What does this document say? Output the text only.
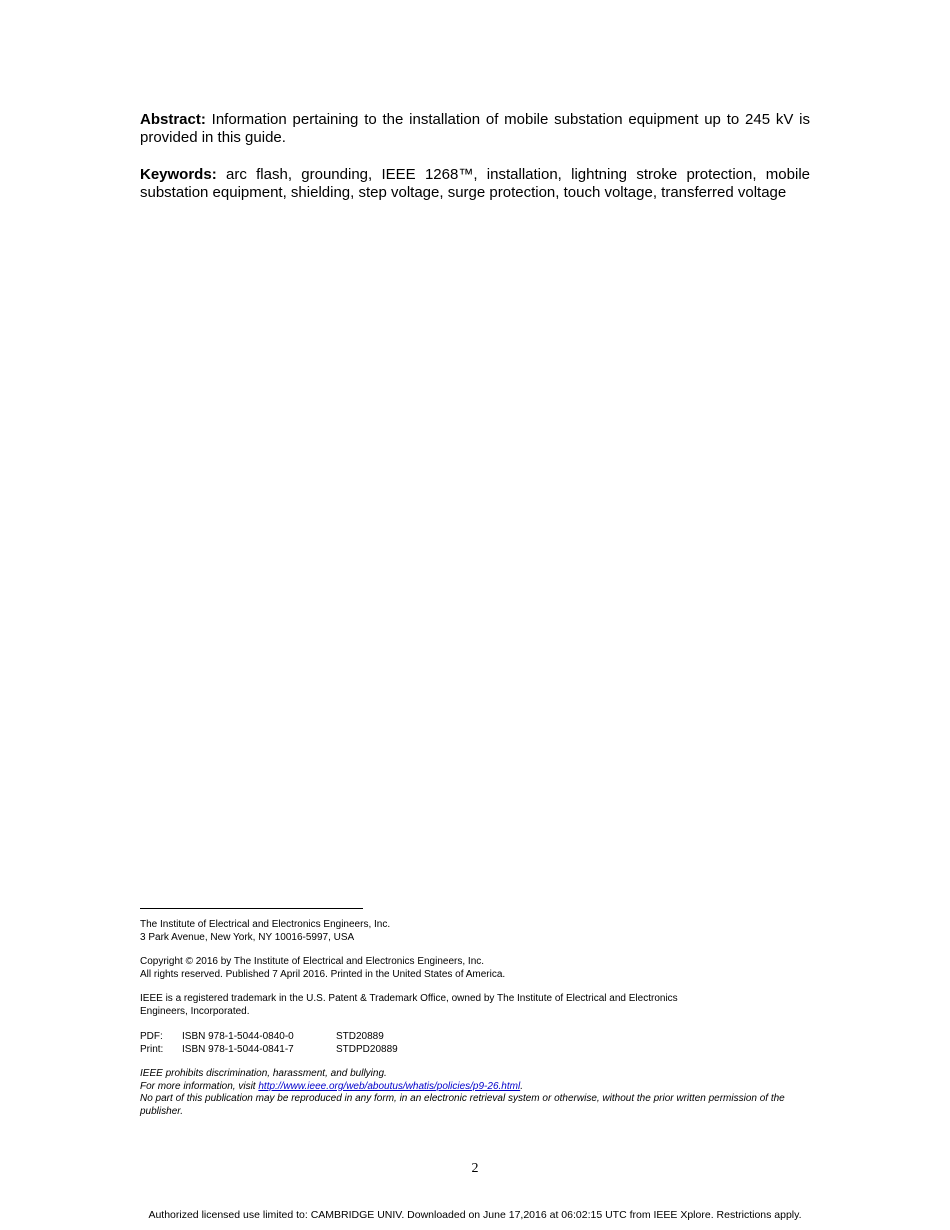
Abstract: Information pertaining to the installation of mobile substation equipment up to 245 kV is provided in this guide.
Keywords: arc flash, grounding, IEEE 1268™, installation, lightning stroke protection, mobile substation equipment, shielding, step voltage, surge protection, touch voltage, transferred voltage
The Institute of Electrical and Electronics Engineers, Inc.
3 Park Avenue, New York, NY 10016-5997, USA
Copyright © 2016 by The Institute of Electrical and Electronics Engineers, Inc.
All rights reserved. Published 7 April 2016. Printed in the United States of America.
IEEE is a registered trademark in the U.S. Patent & Trademark Office, owned by The Institute of Electrical and Electronics
Engineers, Incorporated.
PDF:	ISBN 978-1-5044-0840-0	STD20889
Print:	ISBN 978-1-5044-0841-7	STDPD20889
IEEE prohibits discrimination, harassment, and bullying.
For more information, visit http://www.ieee.org/web/aboutus/whatis/policies/p9-26.html.
No part of this publication may be reproduced in any form, in an electronic retrieval system or otherwise, without the prior written permission of the publisher.
2
Authorized licensed use limited to: CAMBRIDGE UNIV. Downloaded on June 17,2016 at 06:02:15 UTC from IEEE Xplore. Restrictions apply.
